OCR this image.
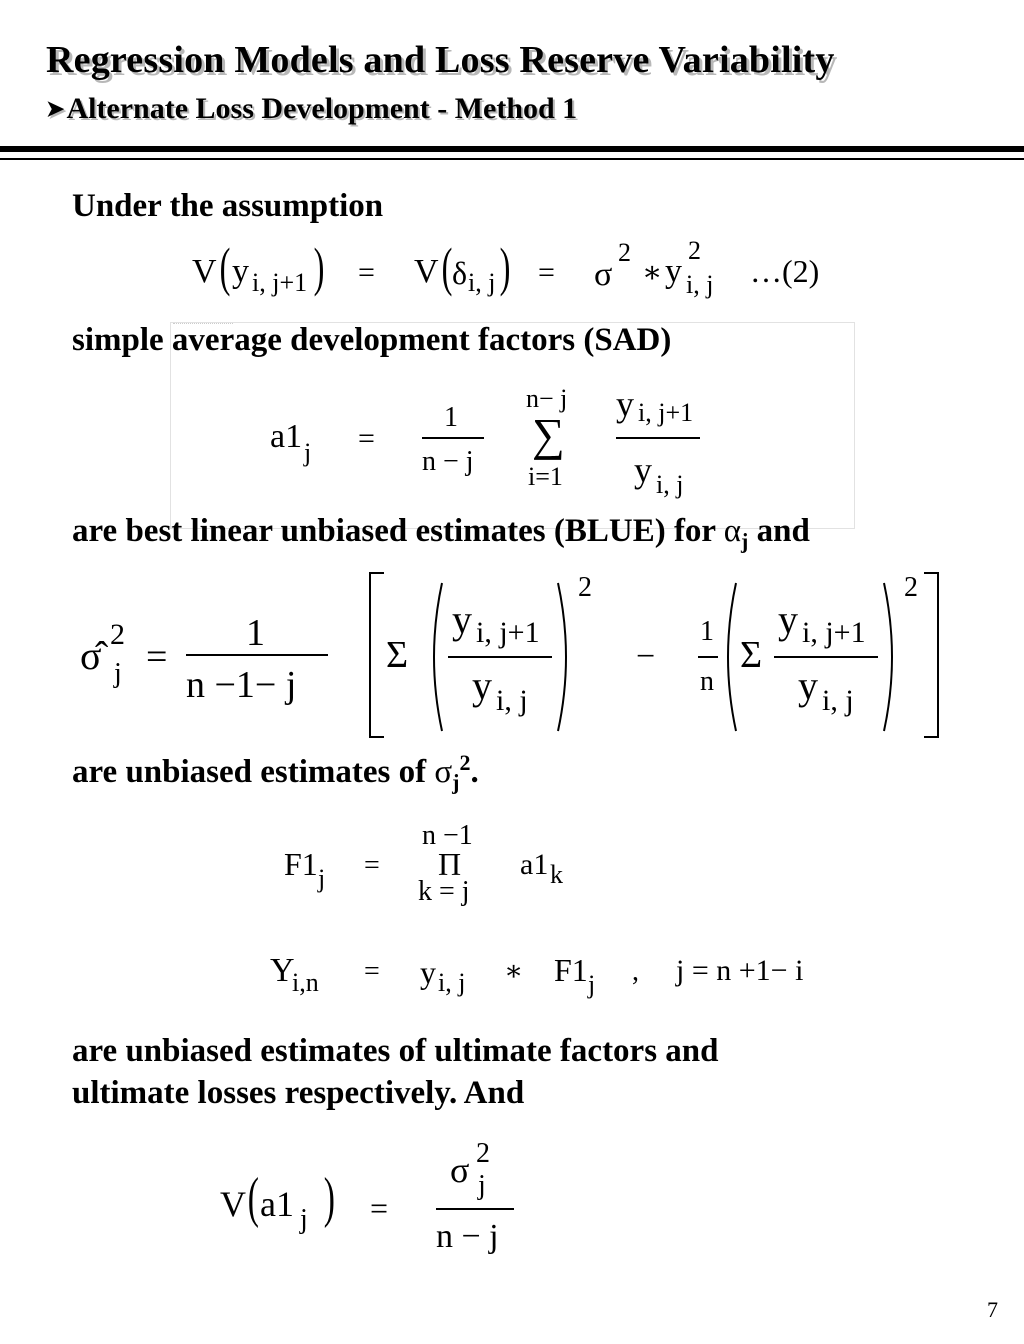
Regression Models and Loss Reserve Variability
➤Alternate Loss Development - Method 1
Under the assumption
V ( y i, j+1 ) = V ( δ i, j ) = σ
2
∗ y
2
i, j …(2)
simple average development factors (SAD)
a1 j =
1
n − j
n− j
∑
i=1
y i, j+1
y i, j
are best linear unbiased estimates (BLUE) for $\alpha_j$ and
σ̂ 2
j =
1
n −1− j
Σ
y i, j+1
y i, j
2
−
1
n
Σ
y i, j+1
y i, j
2
are unbiased estimates of $\sigma_j^2$.
F1 j =
n −1
Π
k = j
a1 k
Y
i,n = y i, j ∗ F1 j , j = n +1− i
are unbiased estimates of ultimate factors and
ultimate losses respectively. And
V ( a1 j ) =
σ 2
j
n − j
7
